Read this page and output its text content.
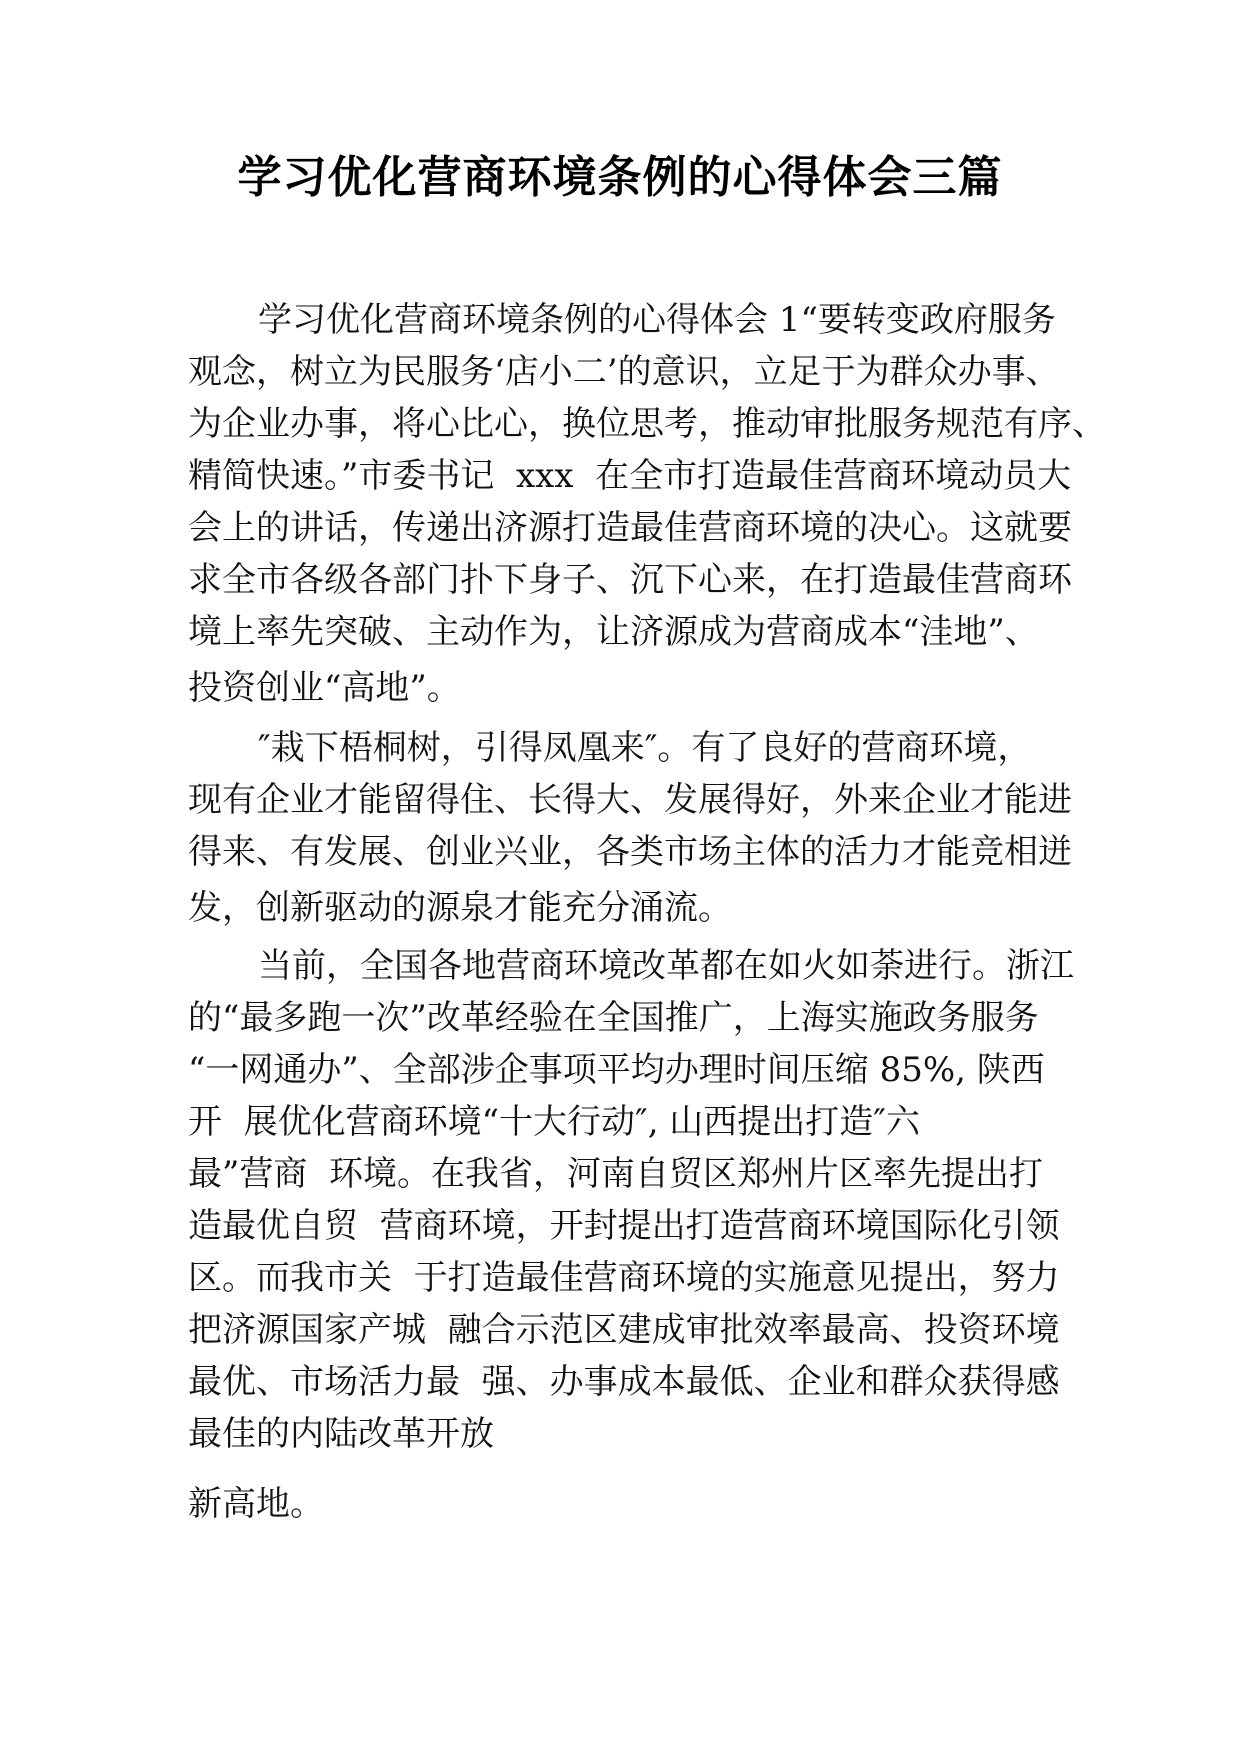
学习优化营商环境条例的心得体会三篇
学习优化营商环境条例的心得体会 1“要转变政府服务
观念，树立为民服务‘店小二’的意识，立足于为群众办事、
为企业办事，将心比心，换位思考，推动审批服务规范有序、
精简快速。”市委书记  xxx  在全市打造最佳营商环境动员大
会上的讲话，传递出济源打造最佳营商环境的决心。这就要
求全市各级各部门扑下身子、沉下心来，在打造最佳营商环
境上率先突破、主动作为，让济源成为营商成本“洼地”、
投资创业“高地”。
″栽下梧桐树，引得凤凰来″。有了良好的营商环境，
现有企业才能留得住、长得大、发展得好，外来企业才能进
得来、有发展、创业兴业，各类市场主体的活力才能竞相迸
发，创新驱动的源泉才能充分涌流。
当前，全国各地营商环境改革都在如火如荼进行。浙江
的“最多跑一次”改革经验在全国推广，上海实施政务服务
“一网通办”、全部涉企事项平均办理时间压缩 85%, 陕西
开  展优化营商环境“十大行动″, 山西提出打造″六
最”营商  环境。在我省，河南自贸区郑州片区率先提出打
造最优自贸  营商环境，开封提出打造营商环境国际化引领
区。而我市关  于打造最佳营商环境的实施意见提出，努力
把济源国家产城  融合示范区建成审批效率最高、投资环境
最优、市场活力最  强、办事成本最低、企业和群众获得感
最佳的内陆改革开放
新高地。
